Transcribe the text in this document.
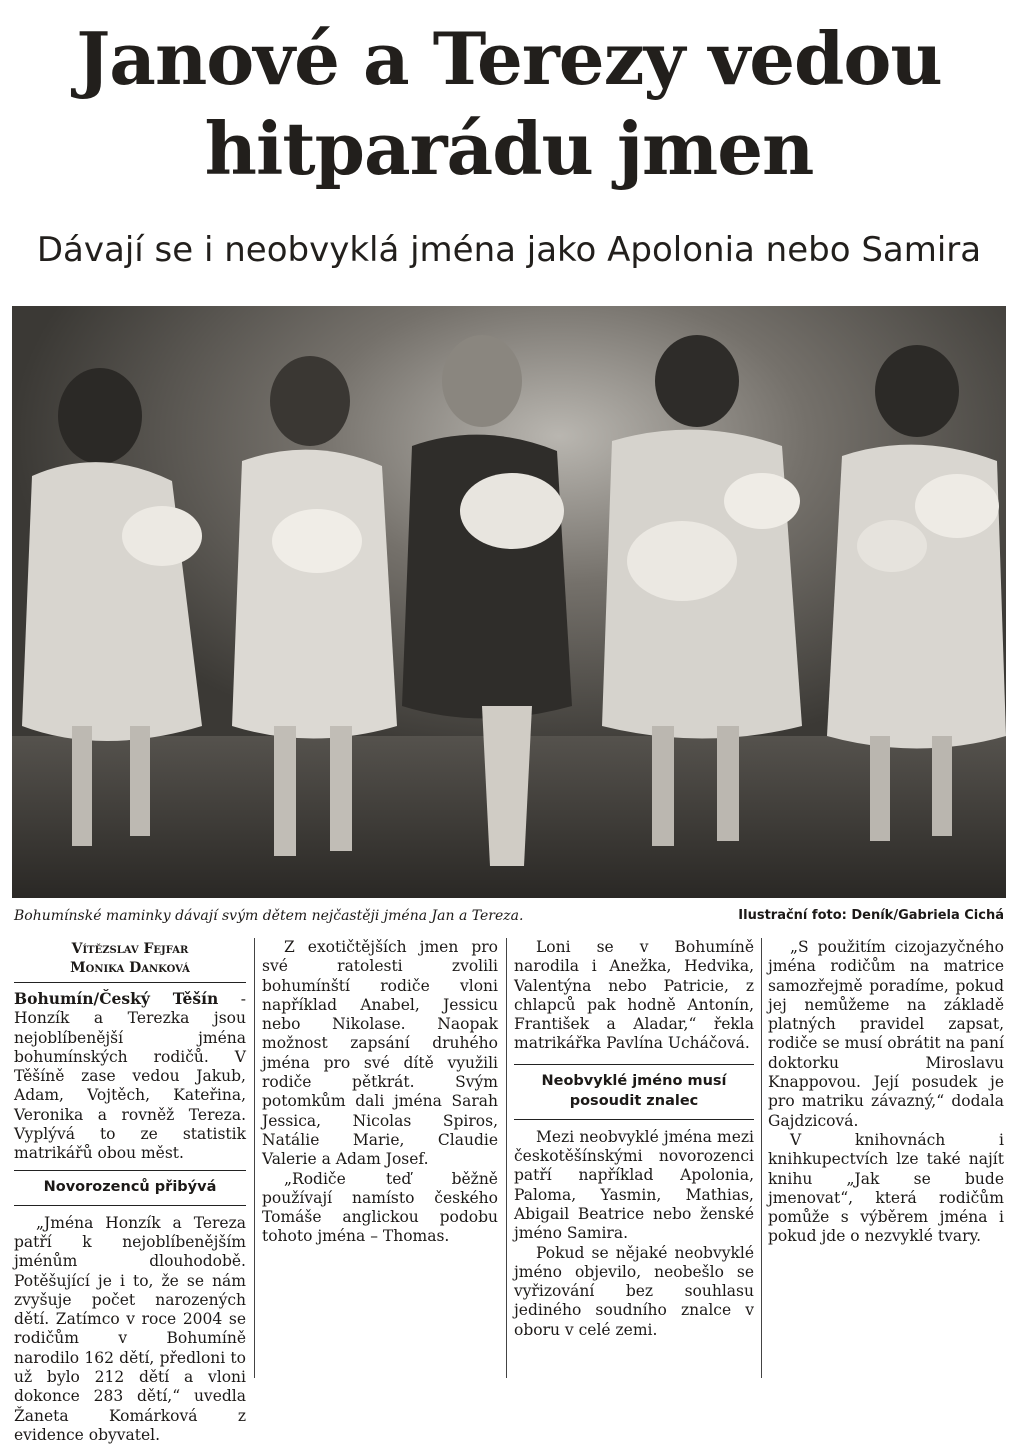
Janové a Terezy vedou hitparádu jmen
Dávají se i neobvyklá jména jako Apolonia nebo Samira
Bohumínské maminky dávají svým dětem nejčastěji jména Jan a Tereza.	Ilustrační foto: Deník/Gabriela Cichá
Vítězslav Fejfar
Monika Danková

Bohumín/Český Těšín - Honzík a Terezka jsou nejoblíbenější jména bohumínských rodičů. V Těšíně zase vedou Jakub, Adam, Vojtěch, Kateřina, Veronika a rovněž Tereza. Vyplývá to ze statistik matrikářů obou měst.

Novorozenců přibývá

„Jména Honzík a Tereza patří k nejoblíbenějším jménům dlouhodobě. Potěšující je i to, že se nám zvyšuje počet narozených dětí. Zatímco v roce 2004 se rodičům v Bohumíně narodilo 162 dětí, předloni to už bylo 212 dětí a vloni dokonce 283 dětí,“ uvedla Žaneta Komárková z evidence obyvatel.

Z exotičtějších jmen pro své ratolesti zvolili bohumínští rodiče vloni například Anabel, Jessicu nebo Nikolase. Naopak možnost zapsání druhého jména pro své dítě využili rodiče pětkrát. Svým potomkům dali jména Sarah Jessica, Nicolas Spiros, Natálie Marie, Claudie Valerie a Adam Josef.

„Rodiče teď běžně používají namísto českého Tomáše anglickou podobu tohoto jména – Thomas.

Loni se v Bohumíně narodila i Anežka, Hedvika, Valentýna nebo Patricie, z chlapců pak hodně Antonín, František a Aladar,“ řekla matrikářka Pavlína Ucháčová.

Neobvyklé jméno musí posoudit znalec

Mezi neobvyklé jména mezi českotěšínskými novorozenci patří například Apolonia, Paloma, Yasmin, Mathias, Abigail Beatrice nebo ženské jméno Samira.

Pokud se nějaké neobvyklé jméno objevilo, neobešlo se vyřizování bez souhlasu jediného soudního znalce v oboru v celé zemi.

„S použitím cizojazyčného jména rodičům na matrice samozřejmě poradíme, pokud jej nemůžeme na základě platných pravidel zapsat, rodiče se musí obrátit na paní doktorku Miroslavu Knappovou. Její posudek je pro matriku závazný,“ dodala Gajdzicová.

V knihovnách i knihkupectvích lze také najít knihu „Jak se bude jmenovat“, která rodičům pomůže s výběrem jména i pokud jde o nezvyklé tvary.
